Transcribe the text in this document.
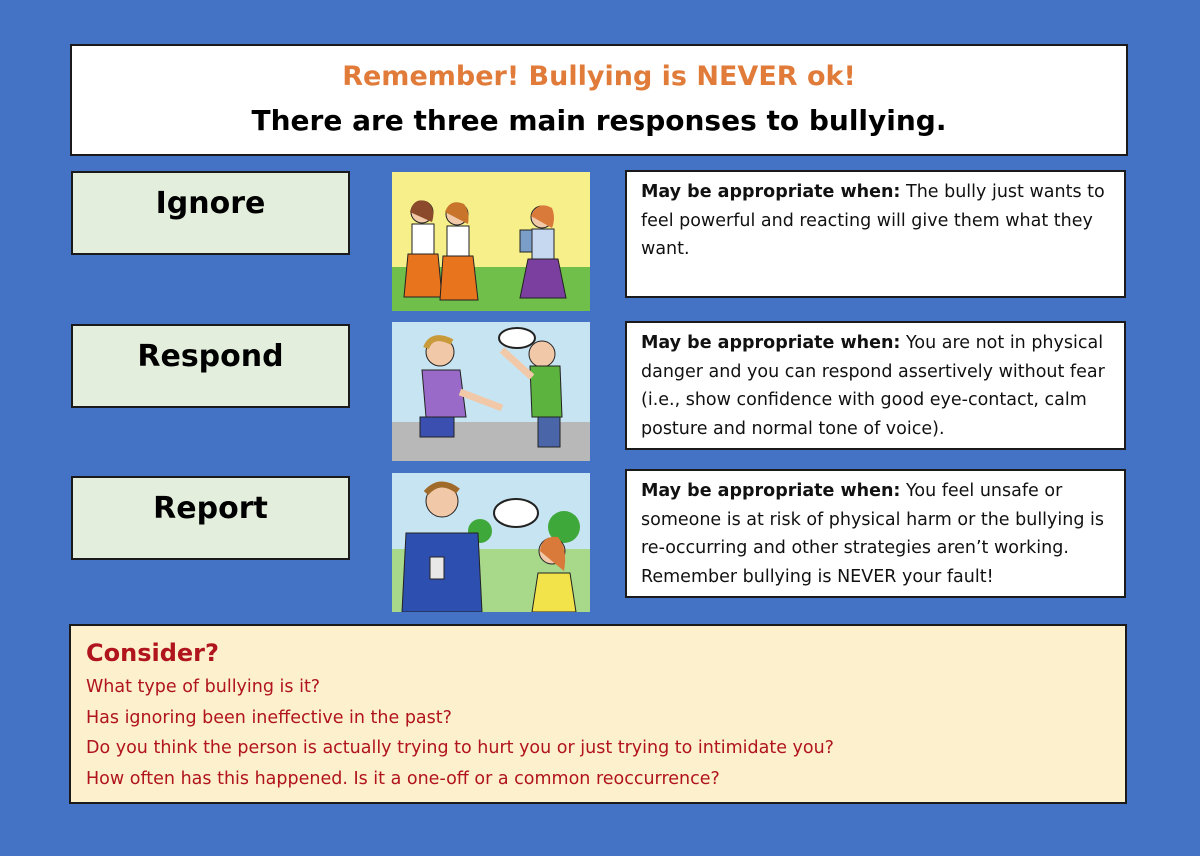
Remember! Bullying is NEVER ok!
There are three main responses to bullying.
Ignore	May be appropriate when: The bully just wants to feel powerful and reacting will give them what they want.
Respond	May be appropriate when: You are not in physical danger and you can respond assertively without fear (i.e., show confidence with good eye-contact, calm posture and normal tone of voice).
Report	May be appropriate when: You feel unsafe or someone is at risk of physical harm or the bullying is re-occurring and other strategies aren’t working. Remember bullying is NEVER your fault!
Consider?
What type of bullying is it?
Has ignoring been ineffective in the past?
Do you think the person is actually trying to hurt you or just trying to intimidate you?
How often has this happened. Is it a one-off or a common reoccurrence?
